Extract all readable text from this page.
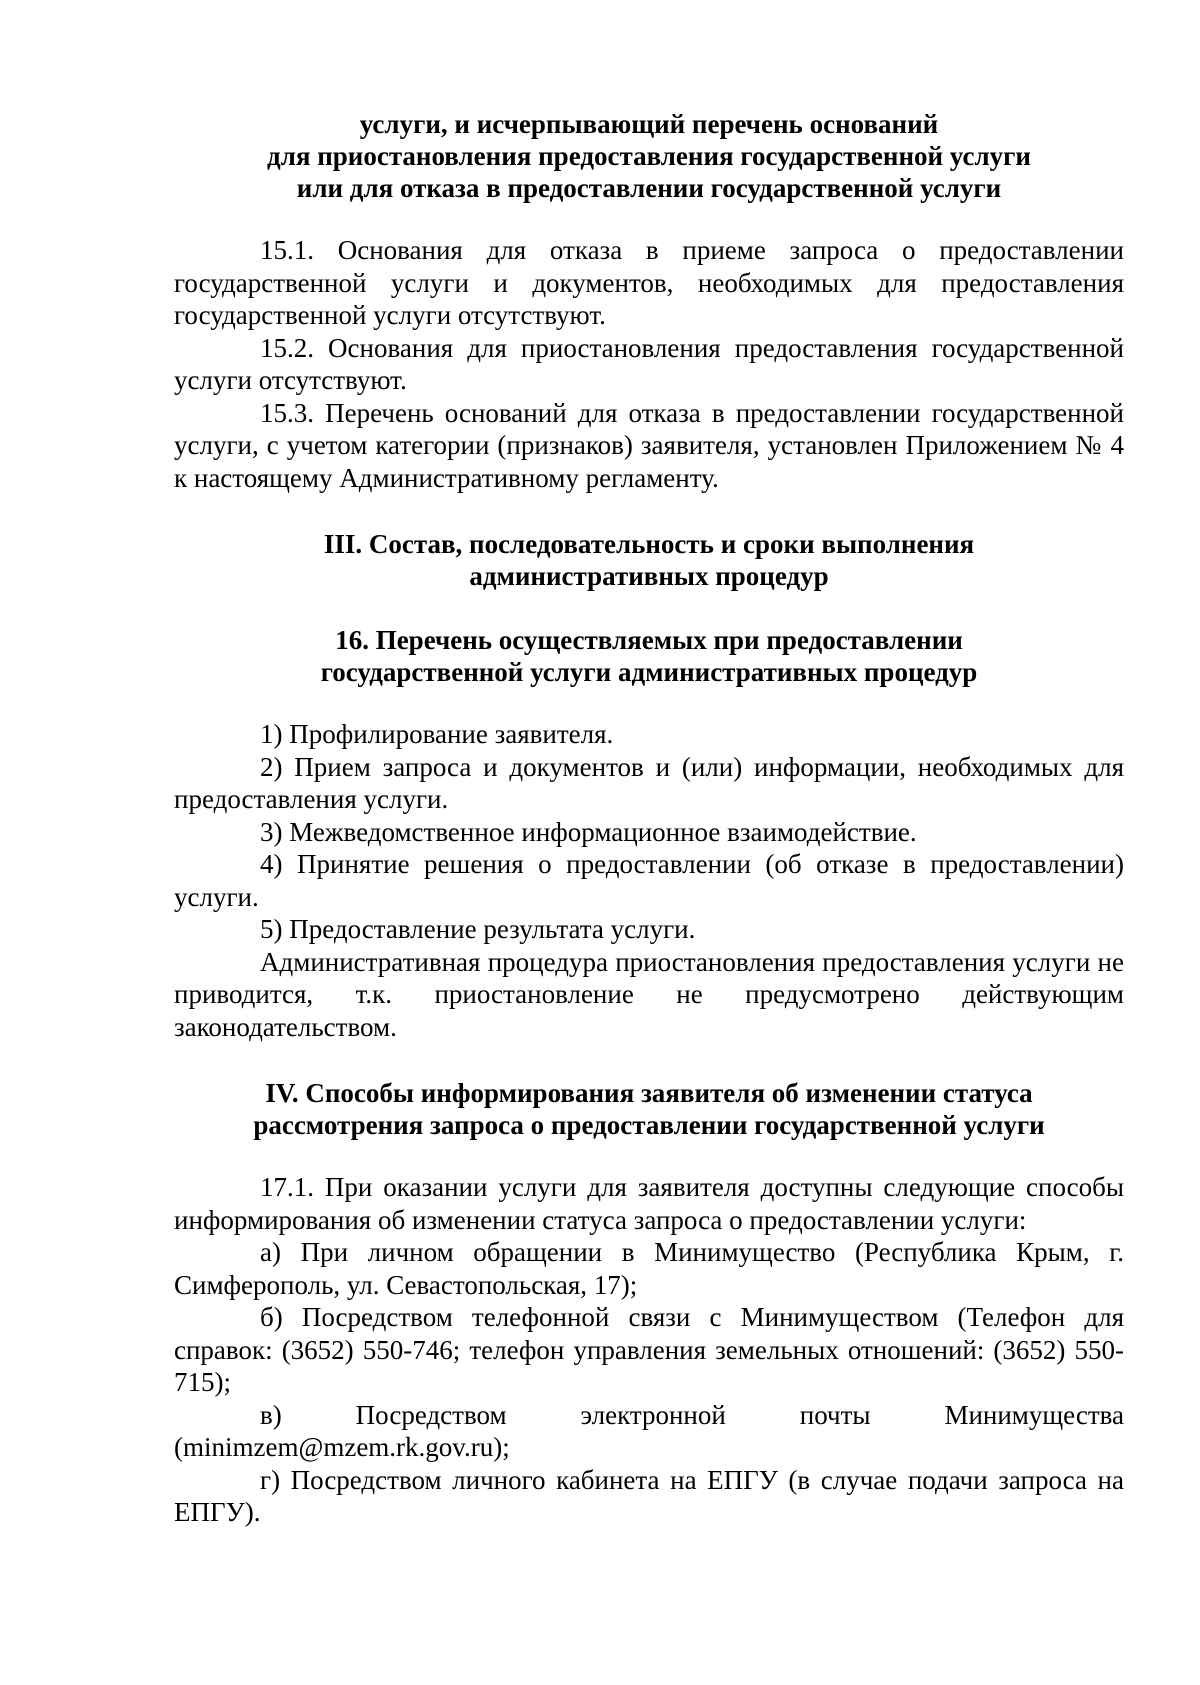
услуги, и исчерпывающий перечень оснований
для приостановления предоставления государственной услуги
или для отказа в предоставлении государственной услуги

15.1. Основания для отказа в приеме запроса о предоставлении государственной услуги и документов, необходимых для предоставления государственной услуги отсутствуют.

15.2. Основания для приостановления предоставления государственной услуги отсутствуют.

15.3. Перечень оснований для отказа в предоставлении государственной услуги, с учетом категории (признаков) заявителя, установлен Приложением № 4 к настоящему Административному регламенту.

III. Состав, последовательность и сроки выполнения
административных процедур
16. Перечень осуществляемых при предоставлении
государственной услуги административных процедур

1) Профилирование заявителя.

2) Прием запроса и документов и (или) информации, необходимых для предоставления услуги.

3) Межведомственное информационное взаимодействие.

4) Принятие решения о предоставлении (об отказе в предоставлении) услуги.

5) Предоставление результата услуги.

Административная процедура приостановления предоставления услуги не приводится, т.к. приостановление не предусмотрено действующим законодательством.

IV. Способы информирования заявителя об изменении статуса
рассмотрения запроса о предоставлении государственной услуги

17.1. При оказании услуги для заявителя доступны следующие способы информирования об изменении статуса запроса о предоставлении услуги:

а) При личном обращении в Минимущество (Республика Крым, г. Симферополь, ул. Севастопольская, 17);

б) Посредством телефонной связи с Минимуществом (Телефон для справок: (3652) 550-746; телефон управления земельных отношений: (3652) 550-715);

в) Посредством электронной почты Минимущества (minimzem@mzem.rk.gov.ru);

г) Посредством личного кабинета на ЕПГУ (в случае подачи запроса на ЕПГУ).
